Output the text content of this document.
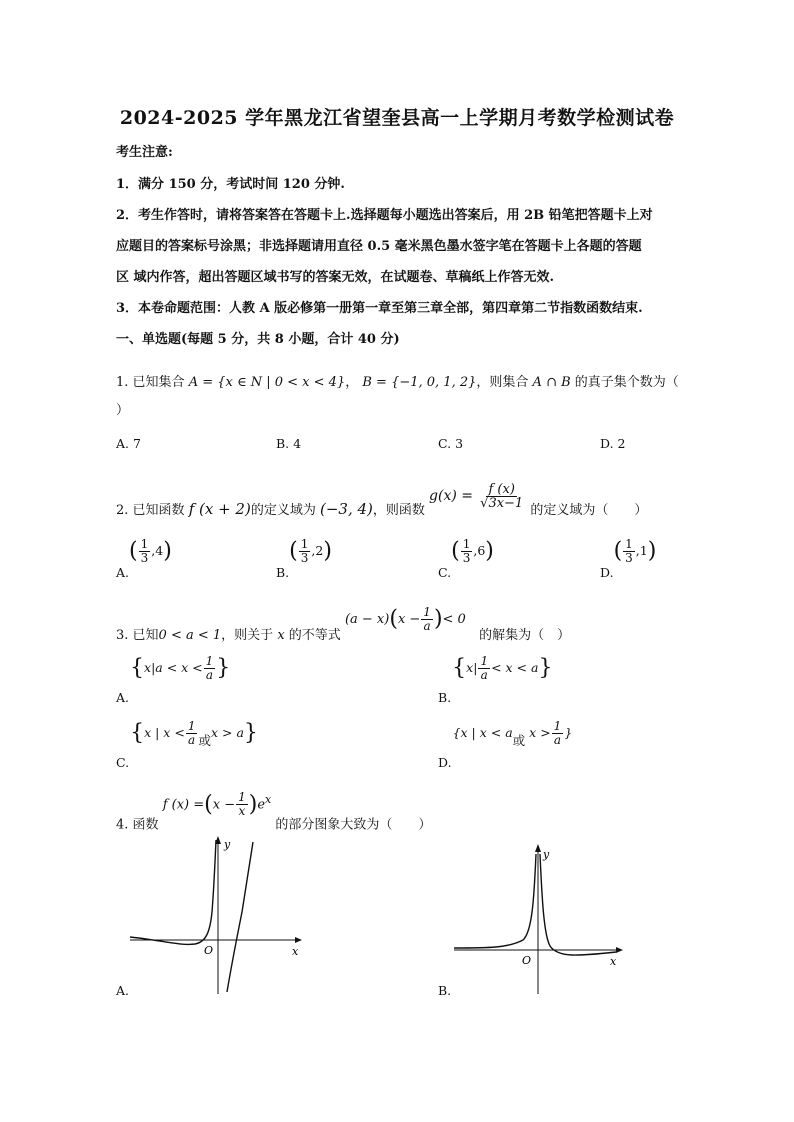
2024-2025 学年黑龙江省望奎县高一上学期月考数学检测试卷
考生注意:
1．满分 150 分，考试时间 120 分钟.
2．考生作答时，请将答案答在答题卡上.选择题每小题选出答案后，用 2B 铅笔把答题卡上对
应题目的答案标号涂黑；非选择题请用直径 0.5 毫米黑色墨水签字笔在答题卡上各题的答题
区 域内作答，超出答题区域书写的答案无效，在试题卷、草稿纸上作答无效.
3．本卷命题范围：人教 A 版必修第一册第一章至第三章全部，第四章第二节指数函数结束.
一、单选题(每题 5 分，共 8 小题，合计 40 分)
1. 已知集合 A = {x ∈ N | 0 < x < 4}， B = {−1, 0, 1, 2}，则集合 A ∩ B 的真子集个数为（
）
A. 7	B. 4	C. 3	D. 2
2. 已知函数 f (x + 2)的定义域为 (−3, 4)，则函数 $g(x) = \frac{f (x)}{√3x-1}$
的定义域为（　　）
$A.( \frac{1}{3} ,4)$
$B.( \frac{1}{3} ,2)$
$C.( \frac{1}{3} ,6)$
$D.( \frac{1}{3} ,1)$
3. 已知0 < a < 1，则关于 x 的不等式 $(a - x)(x - \frac{1}{a}$ )< 0 的解集为（　）
$A.\{x|a < x < \frac{1}{a}$ }
$B.\{x| \frac{1}{a} < x < a\}$
C.{x | $x < \frac{1}{a}$ 或x > a}
D.{x | x < a或$x > \frac{1}{a}$ }
4. 函数 f $(x) =(x - \frac{1}{x} )e^x$ 的部分图象大致为（　　）
O
y
x
A.
O
y
x
B.
